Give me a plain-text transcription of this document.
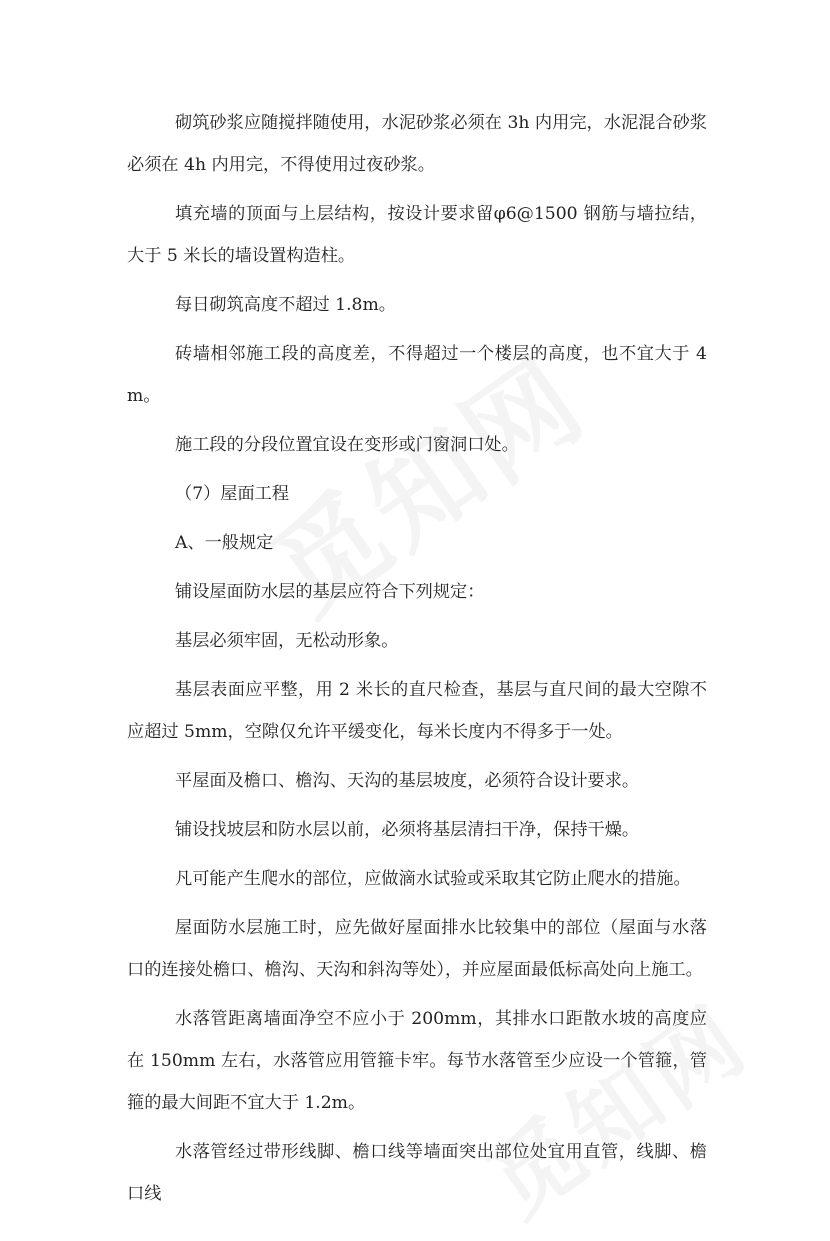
砌筑砂浆应随搅拌随使用，水泥砂浆必须在 3h 内用完，水泥混合砂浆必须在 4h 内用完，不得使用过夜砂浆。

填充墙的顶面与上层结构，按设计要求留φ6@1500 钢筋与墙拉结，大于 5 米长的墙设置构造柱。

每日砌筑高度不超过 1.8m。

砖墙相邻施工段的高度差，不得超过一个楼层的高度，也不宜大于 4m。

施工段的分段位置宜设在变形或门窗洞口处。

（7）屋面工程

A、一般规定

铺设屋面防水层的基层应符合下列规定：

基层必须牢固，无松动形象。

基层表面应平整，用 2 米长的直尺检查，基层与直尺间的最大空隙不应超过 5mm，空隙仅允许平缓变化，每米长度内不得多于一处。

平屋面及檐口、檐沟、天沟的基层坡度，必须符合设计要求。

铺设找坡层和防水层以前，必须将基层清扫干净，保持干燥。

凡可能产生爬水的部位，应做滴水试验或采取其它防止爬水的措施。

屋面防水层施工时，应先做好屋面排水比较集中的部位（屋面与水落口的连接处檐口、檐沟、天沟和斜沟等处），并应屋面最低标高处向上施工。

水落管距离墙面净空不应小于 200mm，其排水口距散水坡的高度应在 150mm 左右，水落管应用管箍卡牢。每节水落管至少应设一个管箍，管箍的最大间距不宜大于 1.2m。

水落管经过带形线脚、檐口线等墙面突出部位处宜用直管，线脚、檐口线
